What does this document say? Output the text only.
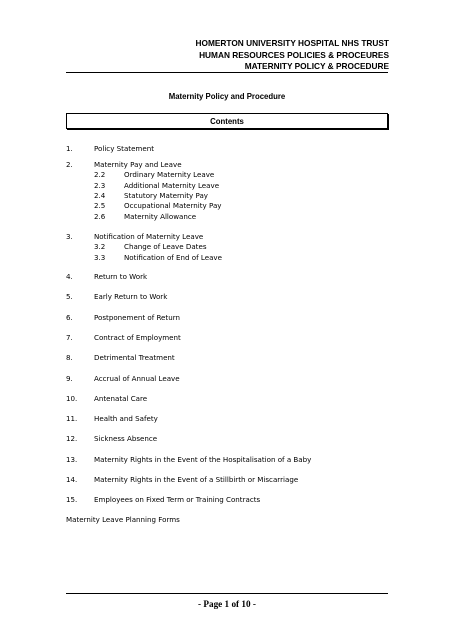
HOMERTON UNIVERSITY HOSPITAL NHS TRUST
HUMAN RESOURCES POLICIES & PROCEURES
MATERNITY POLICY & PROCEDURE
Maternity Policy and Procedure
Contents
1.	Policy Statement
2.	Maternity Pay and Leave
2.2	Ordinary Maternity Leave
2.3	Additional Maternity Leave
2.4	Statutory Maternity Pay
2.5	Occupational Maternity Pay
2.6	Maternity Allowance
3.	Notification of Maternity Leave
3.2	Change of Leave Dates
3.3	Notification of End of Leave
4.	Return to Work
5.	Early Return to Work
6.	Postponement of Return
7.	Contract of Employment
8.	Detrimental Treatment
9.	Accrual of Annual Leave
10. Antenatal Care
11. Health and Safety
12. Sickness Absence
13. Maternity Rights in the Event of the Hospitalisation of a Baby
14. Maternity Rights in the Event of a Stillbirth or Miscarriage
15. Employees on Fixed Term or Training Contracts
Maternity Leave Planning Forms
- Page 1 of 10 -
